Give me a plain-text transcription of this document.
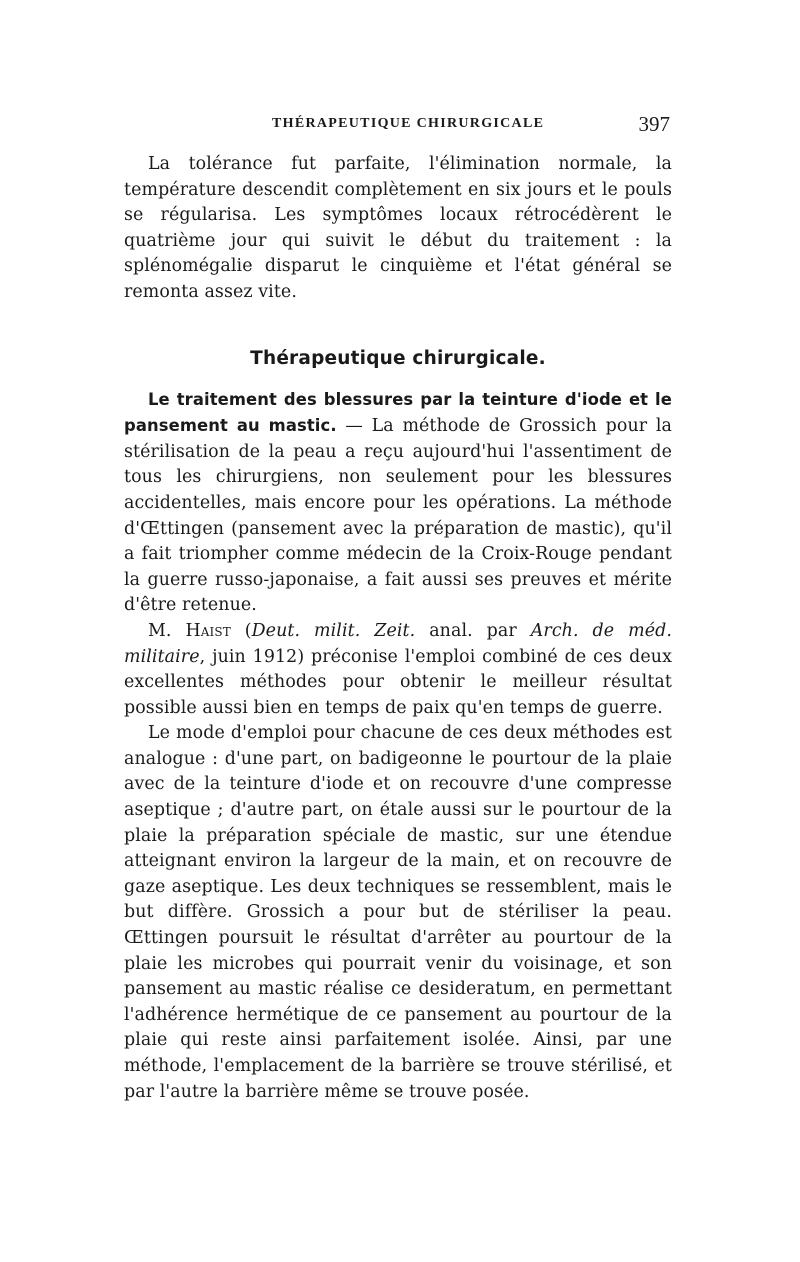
THÉRAPEUTIQUE CHIRURGICALE	397

La tolérance fut parfaite, l'élimination normale, la température descendit complètement en six jours et le pouls se régularisa. Les symptômes locaux rétrocédèrent le quatrième jour qui suivit le début du traitement : la splénomégalie disparut le cinquième et l'état général se remonta assez vite.

Thérapeutique chirurgicale.

Le traitement des blessures par la teinture d'iode et le pansement au mastic. — La méthode de Grossich pour la stérilisation de la peau a reçu aujourd'hui l'assentiment de tous les chirurgiens, non seulement pour les blessures accidentelles, mais encore pour les opérations. La méthode d'Œttingen (pansement avec la préparation de mastic), qu'il a fait triompher comme médecin de la Croix-Rouge pendant la guerre russo-japonaise, a fait aussi ses preuves et mérite d'être retenue.

M. Haist (Deut. milit. Zeit. anal. par Arch. de méd. militaire, juin 1912) préconise l'emploi combiné de ces deux excellentes méthodes pour obtenir le meilleur résultat possible aussi bien en temps de paix qu'en temps de guerre.

Le mode d'emploi pour chacune de ces deux méthodes est analogue : d'une part, on badigeonne le pourtour de la plaie avec de la teinture d'iode et on recouvre d'une compresse aseptique ; d'autre part, on étale aussi sur le pourtour de la plaie la préparation spéciale de mastic, sur une étendue atteignant environ la largeur de la main, et on recouvre de gaze aseptique. Les deux techniques se ressemblent, mais le but diffère. Grossich a pour but de stériliser la peau. Œttingen poursuit le résultat d'arrêter au pourtour de la plaie les microbes qui pourrait venir du voisinage, et son pansement au mastic réalise ce desideratum, en permettant l'adhérence hermétique de ce pansement au pourtour de la plaie qui reste ainsi parfaitement isolée. Ainsi, par une méthode, l'emplacement de la barrière se trouve stérilisé, et par l'autre la barrière même se trouve posée.
